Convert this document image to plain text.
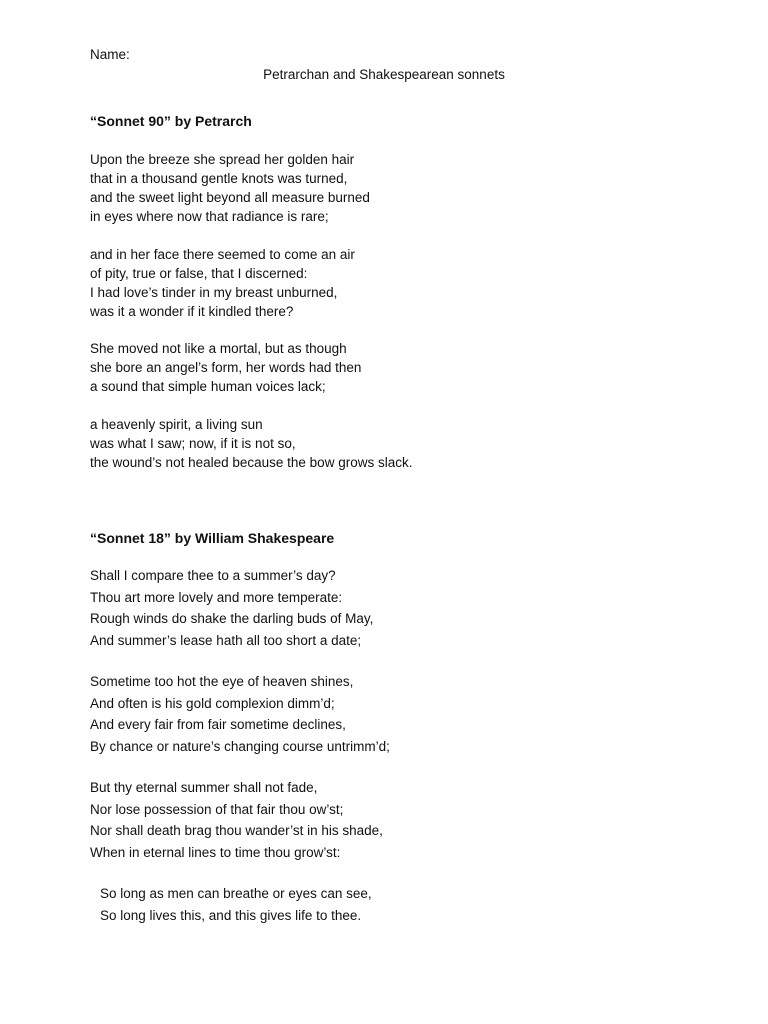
Name:
Petrarchan and Shakespearean sonnets
“Sonnet 90” by Petrarch
Upon the breeze she spread her golden hair
that in a thousand gentle knots was turned,
and the sweet light beyond all measure burned
in eyes where now that radiance is rare;
and in her face there seemed to come an air
of pity, true or false, that I discerned:
I had love’s tinder in my breast unburned,
was it a wonder if it kindled there?
She moved not like a mortal, but as though
she bore an angel’s form, her words had then
a sound that simple human voices lack;
a heavenly spirit, a living sun
was what I saw; now, if it is not so,
the wound’s not healed because the bow grows slack.
“Sonnet 18” by William Shakespeare
Shall I compare thee to a summer’s day?
Thou art more lovely and more temperate:
Rough winds do shake the darling buds of May,
And summer’s lease hath all too short a date;
Sometime too hot the eye of heaven shines,
And often is his gold complexion dimm’d;
And every fair from fair sometime declines,
By chance or nature’s changing course untrimm’d;
But thy eternal summer shall not fade,
Nor lose possession of that fair thou ow’st;
Nor shall death brag thou wander’st in his shade,
When in eternal lines to time thou grow’st:
So long as men can breathe or eyes can see,
So long lives this, and this gives life to thee.
